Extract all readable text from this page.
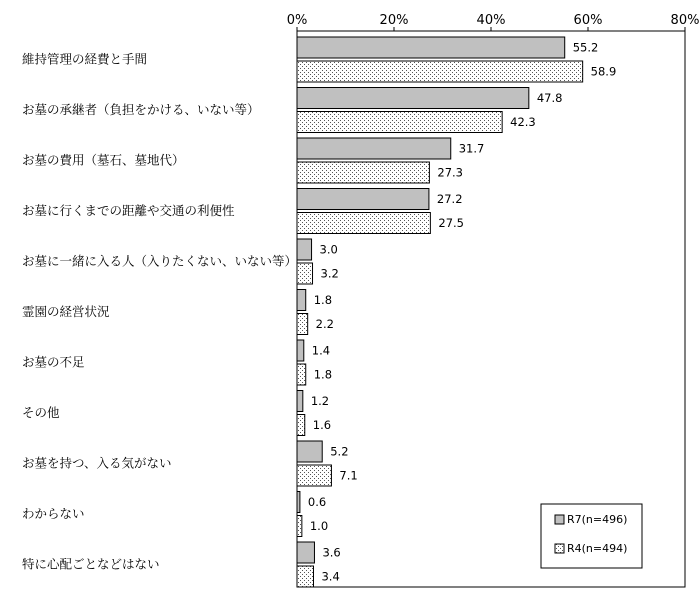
0%	20%	40%	60%	80%
維持管理の経費と手間
お墓の承継者（負担をかける、いない等）
お墓の費用（墓石、墓地代）
お墓に行くまでの距離や交通の利便性
お墓に一緒に入る人（入りたくない、いない等）
霊園の経営状況
お墓の不足
その他
お墓を持つ、入る気がない
わからない
特に心配ごとなどはない
55.2
58.9
47.8
42.3
31.7
27.3
27.2
27.5
3.0
3.2
1.8
2.2
1.4
1.8
1.2
1.6
5.2
7.1
0.6
1.0
3.6
3.4
R7(n=496)
R4(n=494)
